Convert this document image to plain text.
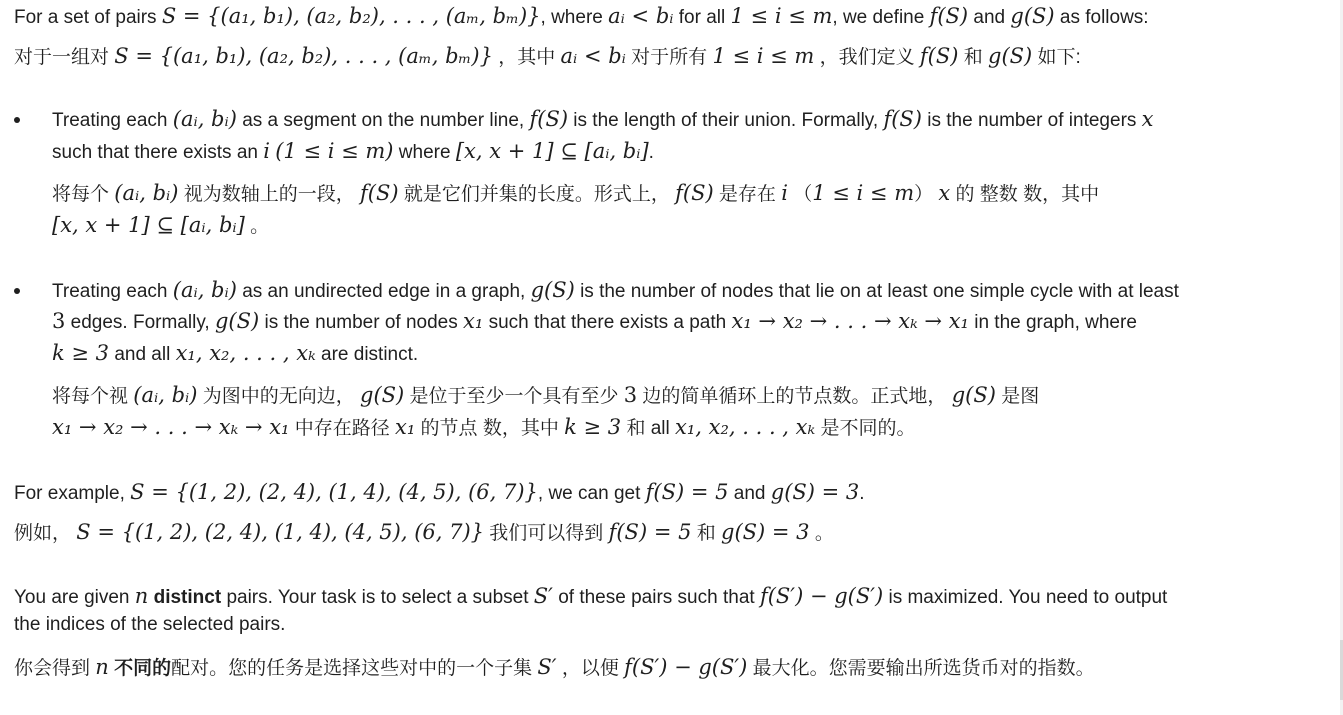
For a set of pairs S = {(a₁, b₁), (a₂, b₂), . . . , (aₘ, bₘ)}, where aᵢ < bᵢ for all 1 ≤ i ≤ m, we define f(S) and g(S) as follows:
对于一组对 S = {(a₁, b₁), (a₂, b₂), . . . , (aₘ, bₘ)} ，其中 aᵢ < bᵢ 对于所有 1 ≤ i ≤ m ，我们定义 f(S) 和 g(S) 如下:
Treating each (aᵢ, bᵢ) as a segment on the number line, f(S) is the length of their union. Formally, f(S) is the number of integers x
such that there exists an i (1 ≤ i ≤ m) where [x, x + 1] ⊆ [aᵢ, bᵢ].
将每个 (aᵢ, bᵢ) 视为数轴上的一段， f(S) 就是它们并集的长度。形式上， f(S) 是存在 i （1 ≤ i ≤ m） x 的 整数 数，其中
[x, x + 1] ⊆ [aᵢ, bᵢ] 。
Treating each (aᵢ, bᵢ) as an undirected edge in a graph, g(S) is the number of nodes that lie on at least one simple cycle with at least
3 edges. Formally, g(S) is the number of nodes x₁ such that there exists a path x₁ → x₂ → . . . → xₖ → x₁ in the graph, where
k ≥ 3 and all x₁, x₂, . . . , xₖ are distinct.
将每个视 (aᵢ, bᵢ) 为图中的无向边， g(S) 是位于至少一个具有至少 3 边的简单循环上的节点数。正式地， g(S) 是图
x₁ → x₂ → . . . → xₖ → x₁ 中存在路径 x₁ 的节点 数，其中 k ≥ 3 和 all x₁, x₂, . . . , xₖ 是不同的。
For example, S = {(1, 2), (2, 4), (1, 4), (4, 5), (6, 7)}, we can get f(S) = 5 and g(S) = 3.
例如， S = {(1, 2), (2, 4), (1, 4), (4, 5), (6, 7)} 我们可以得到 f(S) = 5 和 g(S) = 3 。
You are given n distinct pairs. Your task is to select a subset S′ of these pairs such that f(S′) − g(S′) is maximized. You need to output
the indices of the selected pairs.
你会得到 n 不同的配对。您的任务是选择这些对中的一个子集 S′ ，以便 f(S′) − g(S′) 最大化。您需要输出所选货币对的指数。
